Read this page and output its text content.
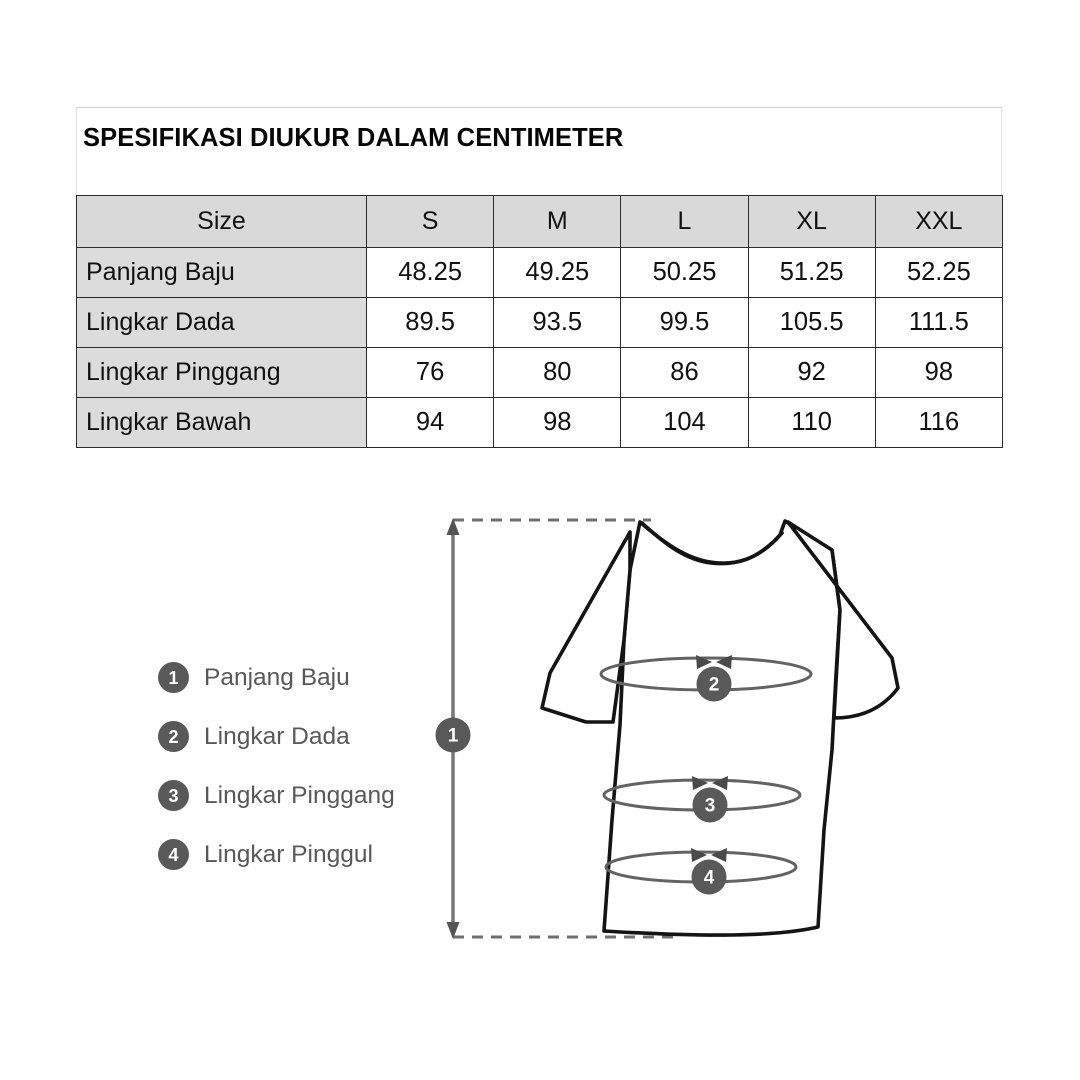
SPESIFIKASI DIUKUR DALAM CENTIMETER
Size	S	M	L	XL	XXL
Panjang Baju	48.25	49.25	50.25	51.25	52.25
Lingkar Dada	89.5	93.5	99.5	105.5	111.5
Lingkar Pinggang	76	80	86	92	98
Lingkar Bawah	94	98	104	110	116
1	Panjang Baju
2	Lingkar Dada
3	Lingkar Pinggang
4	Lingkar Pinggul
1
2
3
4
